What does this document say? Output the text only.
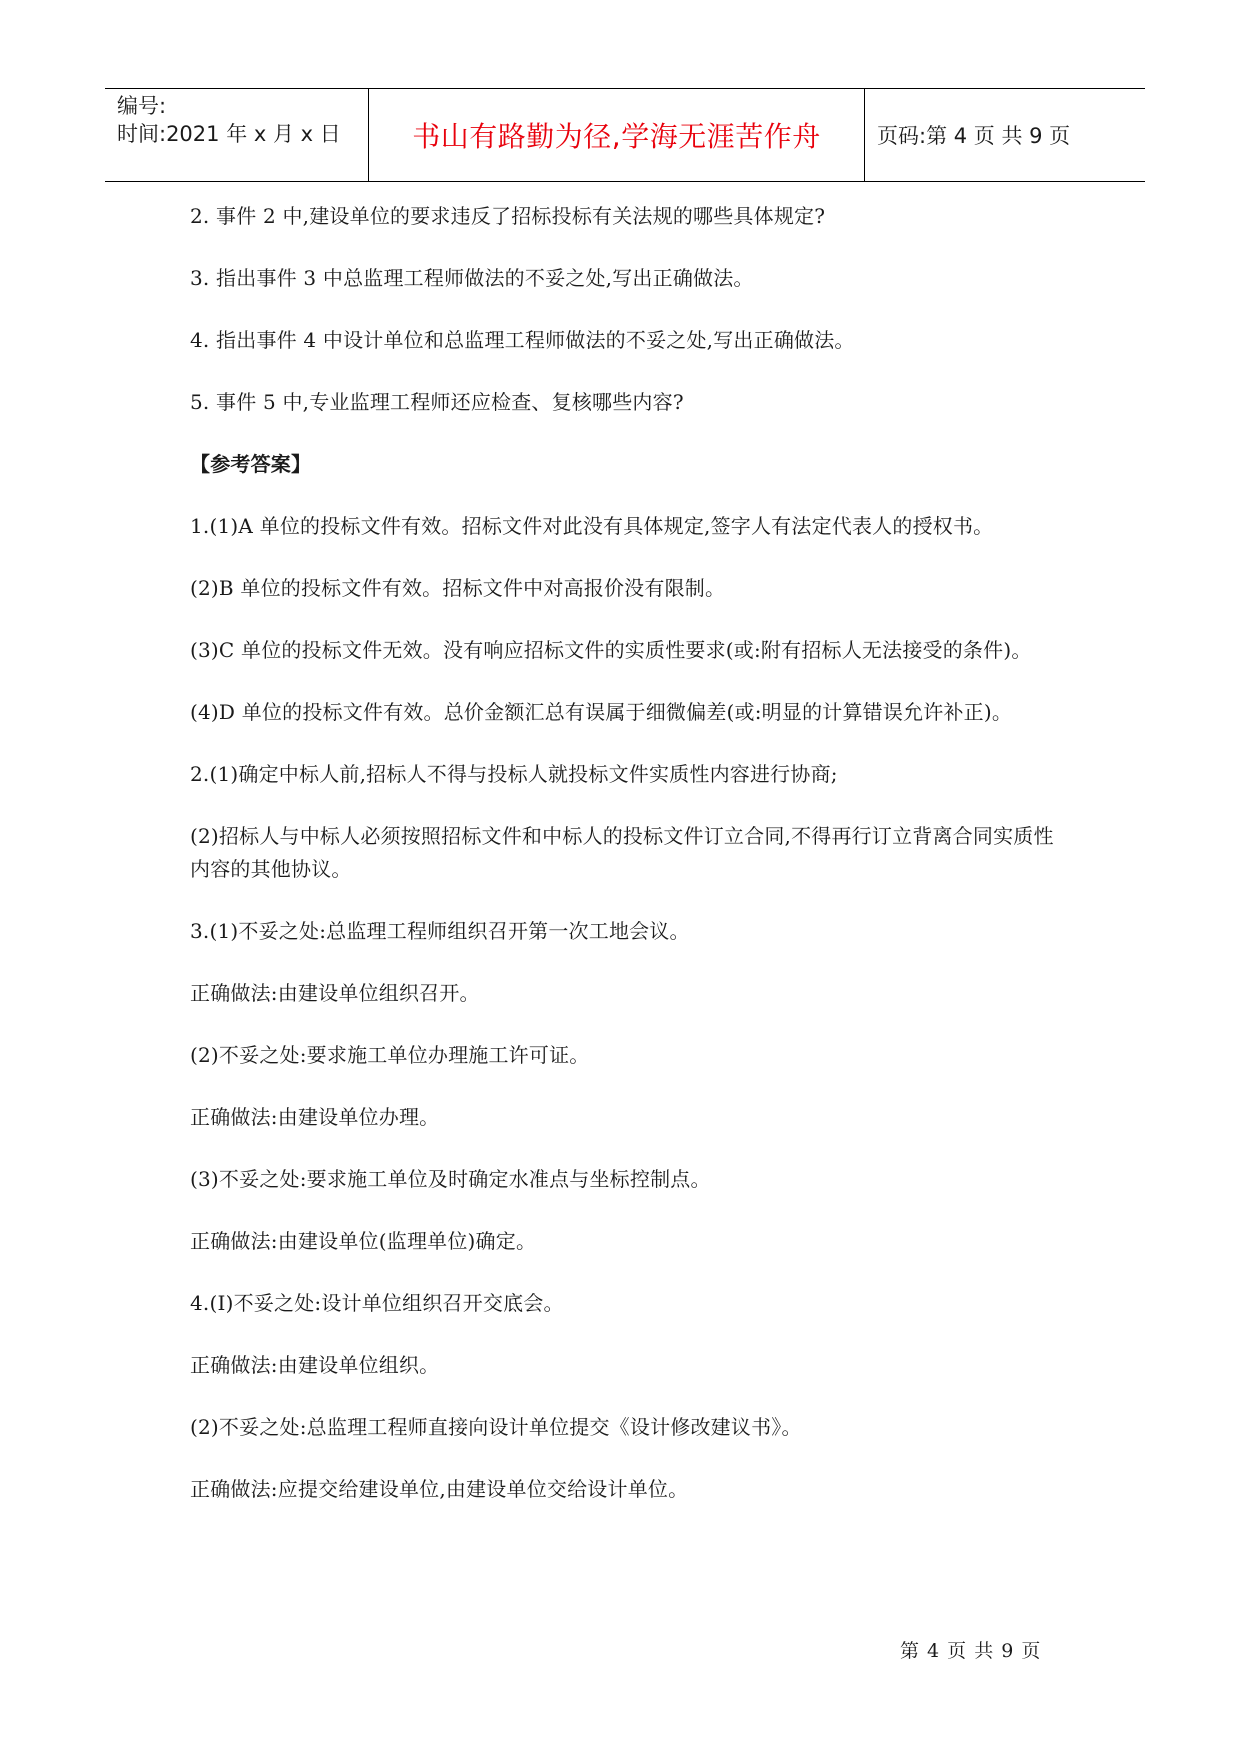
编号:
时间:2021 年 x 月 x 日	书山有路勤为径,学海无涯苦作舟	页码:第 4 页 共 9 页

2. 事件 2 中,建设单位的要求违反了招标投标有关法规的哪些具体规定?

3. 指出事件 3 中总监理工程师做法的不妥之处,写出正确做法。

4. 指出事件 4 中设计单位和总监理工程师做法的不妥之处,写出正确做法。

5. 事件 5 中,专业监理工程师还应检查、复核哪些内容?

【参考答案】

1.(1)A 单位的投标文件有效。招标文件对此没有具体规定,签字人有法定代表人的授权书。

(2)B 单位的投标文件有效。招标文件中对高报价没有限制。

(3)C 单位的投标文件无效。没有响应招标文件的实质性要求(或:附有招标人无法接受的条件)。

(4)D 单位的投标文件有效。总价金额汇总有误属于细微偏差(或:明显的计算错误允许补正)。

2.(1)确定中标人前,招标人不得与投标人就投标文件实质性内容进行协商;

(2)招标人与中标人必须按照招标文件和中标人的投标文件订立合同,不得再行订立背离合同实质性内容的其他协议。

3.(1)不妥之处:总监理工程师组织召开第一次工地会议。

正确做法:由建设单位组织召开。

(2)不妥之处:要求施工单位办理施工许可证。

正确做法:由建设单位办理。

(3)不妥之处:要求施工单位及时确定水准点与坐标控制点。

正确做法:由建设单位(监理单位)确定。

4.(I)不妥之处:设计单位组织召开交底会。

正确做法:由建设单位组织。

(2)不妥之处:总监理工程师直接向设计单位提交《设计修改建议书》。

正确做法:应提交给建设单位,由建设单位交给设计单位。

第 4 页 共 9 页
